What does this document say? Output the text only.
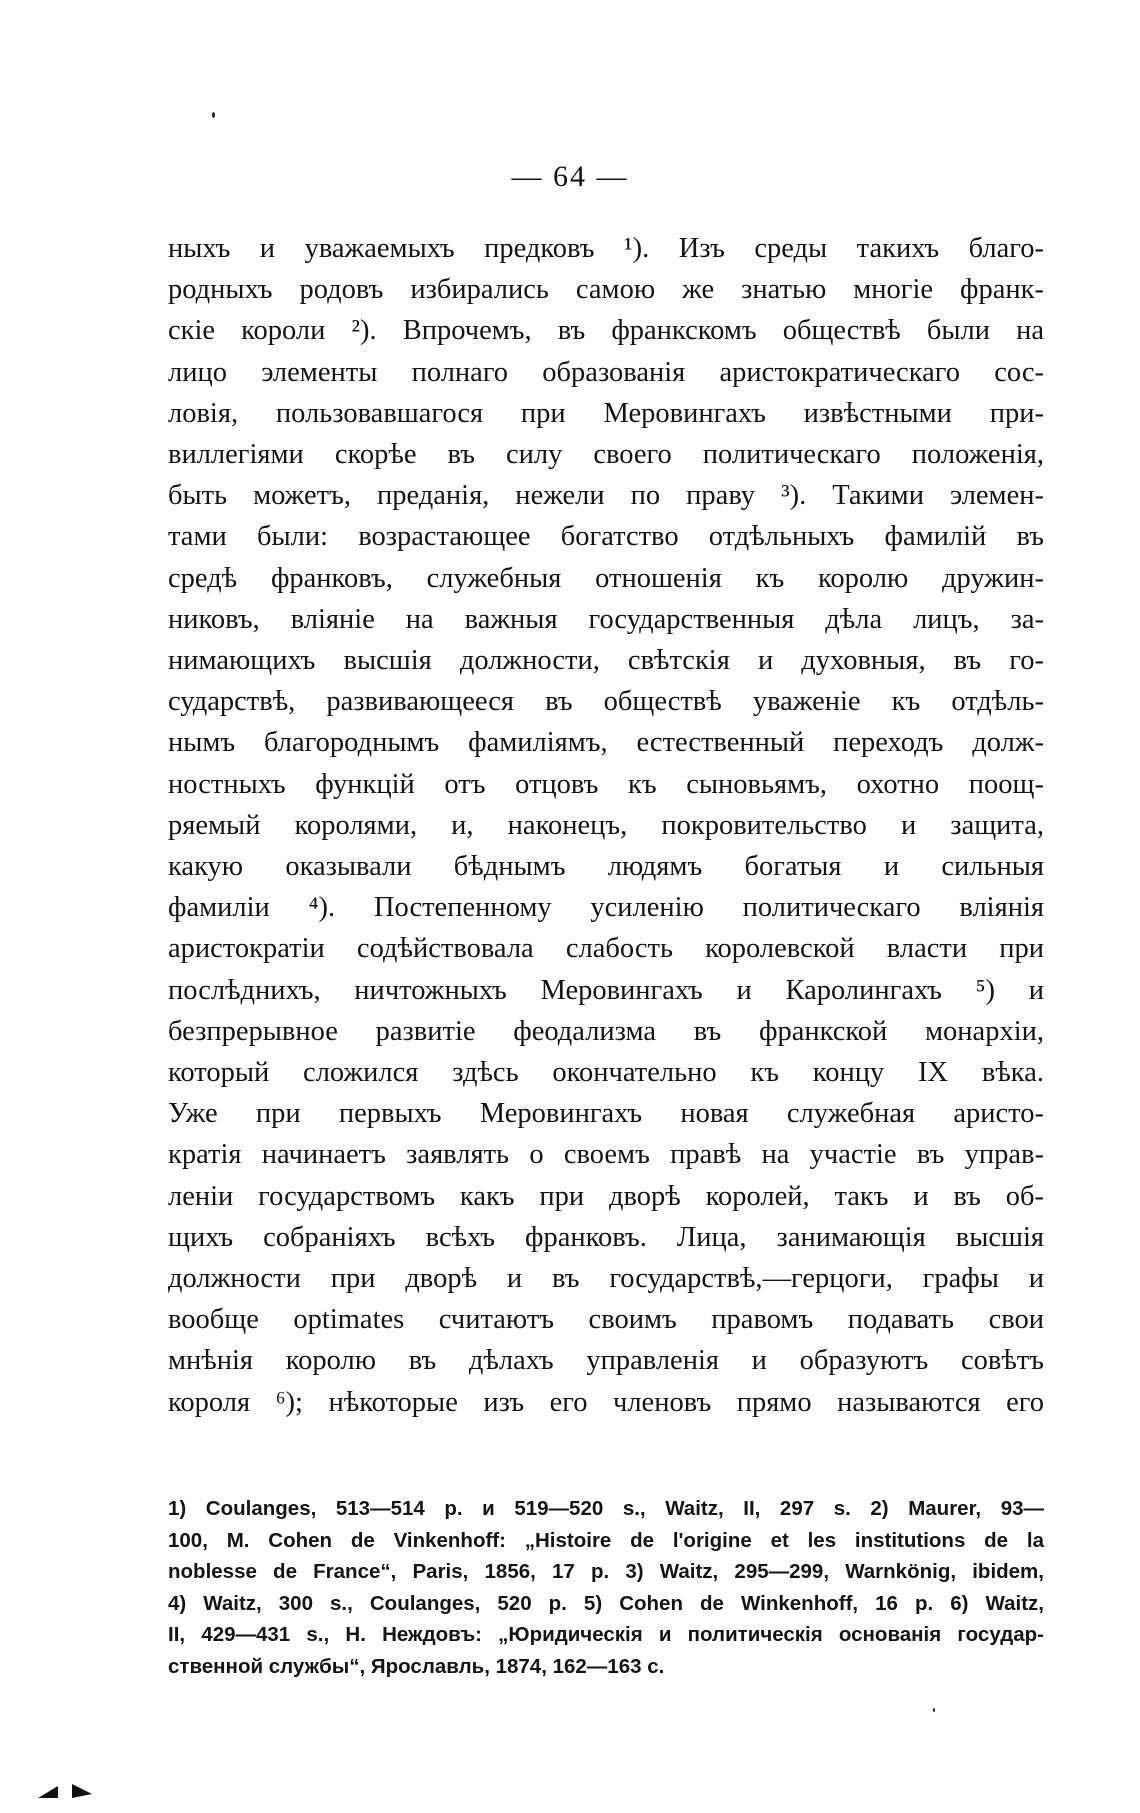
— 64 —
ныхъ и уважаемыхъ предковъ ¹). Изъ среды такихъ благо-
родныхъ родовъ избирались самою же знатью многіе франк-
скіе короли ²). Впрочемъ, въ франкскомъ обществѣ были на
лицо элементы полнаго образованія аристократическаго сос-
ловія, пользовавшагося при Меровингахъ извѣстными при-
виллегіями скорѣе въ силу своего политическаго положенія,
быть можетъ, преданія, нежели по праву ³). Такими элемен-
тами были: возрастающее богатство отдѣльныхъ фамилій въ
средѣ франковъ, служебныя отношенія къ королю дружин-
никовъ, вліяніе на важныя государственныя дѣла лицъ, за-
нимающихъ высшія должности, свѣтскія и духовныя, въ го-
сударствѣ, развивающееся въ обществѣ уваженіе къ отдѣль-
нымъ благороднымъ фамиліямъ, естественный переходъ долж-
ностныхъ функцій отъ отцовъ къ сыновьямъ, охотно поощ-
ряемый королями, и, наконецъ, покровительство и защита,
какую оказывали бѣднымъ людямъ богатыя и сильныя
фамиліи ⁴). Постепенному усиленію политическаго вліянія
аристократіи содѣйствовала слабость королевской власти при
послѣднихъ, ничтожныхъ Меровингахъ и Каролингахъ ⁵) и
безпрерывное развитіе феодализма въ франкской монархіи,
который сложился здѣсь окончательно къ концу IX вѣка.
Уже при первыхъ Меровингахъ новая служебная аристо-
кратія начинаетъ заявлять о своемъ правѣ на участіе въ управ-
леніи государствомъ какъ при дворѣ королей, такъ и въ об-
щихъ собраніяхъ всѣхъ франковъ. Лица, занимающія высшія
должности при дворѣ и въ государствѣ,—герцоги, графы и
вообще optimates считаютъ своимъ правомъ подавать свои
мнѣнія королю въ дѣлахъ управленія и образуютъ совѣтъ
короля ⁶); нѣкоторые изъ его членовъ прямо называются его
1) Coulanges, 513—514 p. и 519—520 s., Waitz, II, 297 s. 2) Maurer, 93—
100, M. Cohen de Vinkenhoff: „Histoire de l'origine et les institutions de la
noblesse de France“, Paris, 1856, 17 p. 3) Waitz, 295—299, Warnkönig, ibidem,
4) Waitz, 300 s., Coulanges, 520 p. 5) Cohen de Winkenhoff, 16 p. 6) Waitz,
II, 429—431 s., Н. Неждовъ: „Юридическія и политическія основанія государ-
ственной службы“, Ярославль, 1874, 162—163 с.
